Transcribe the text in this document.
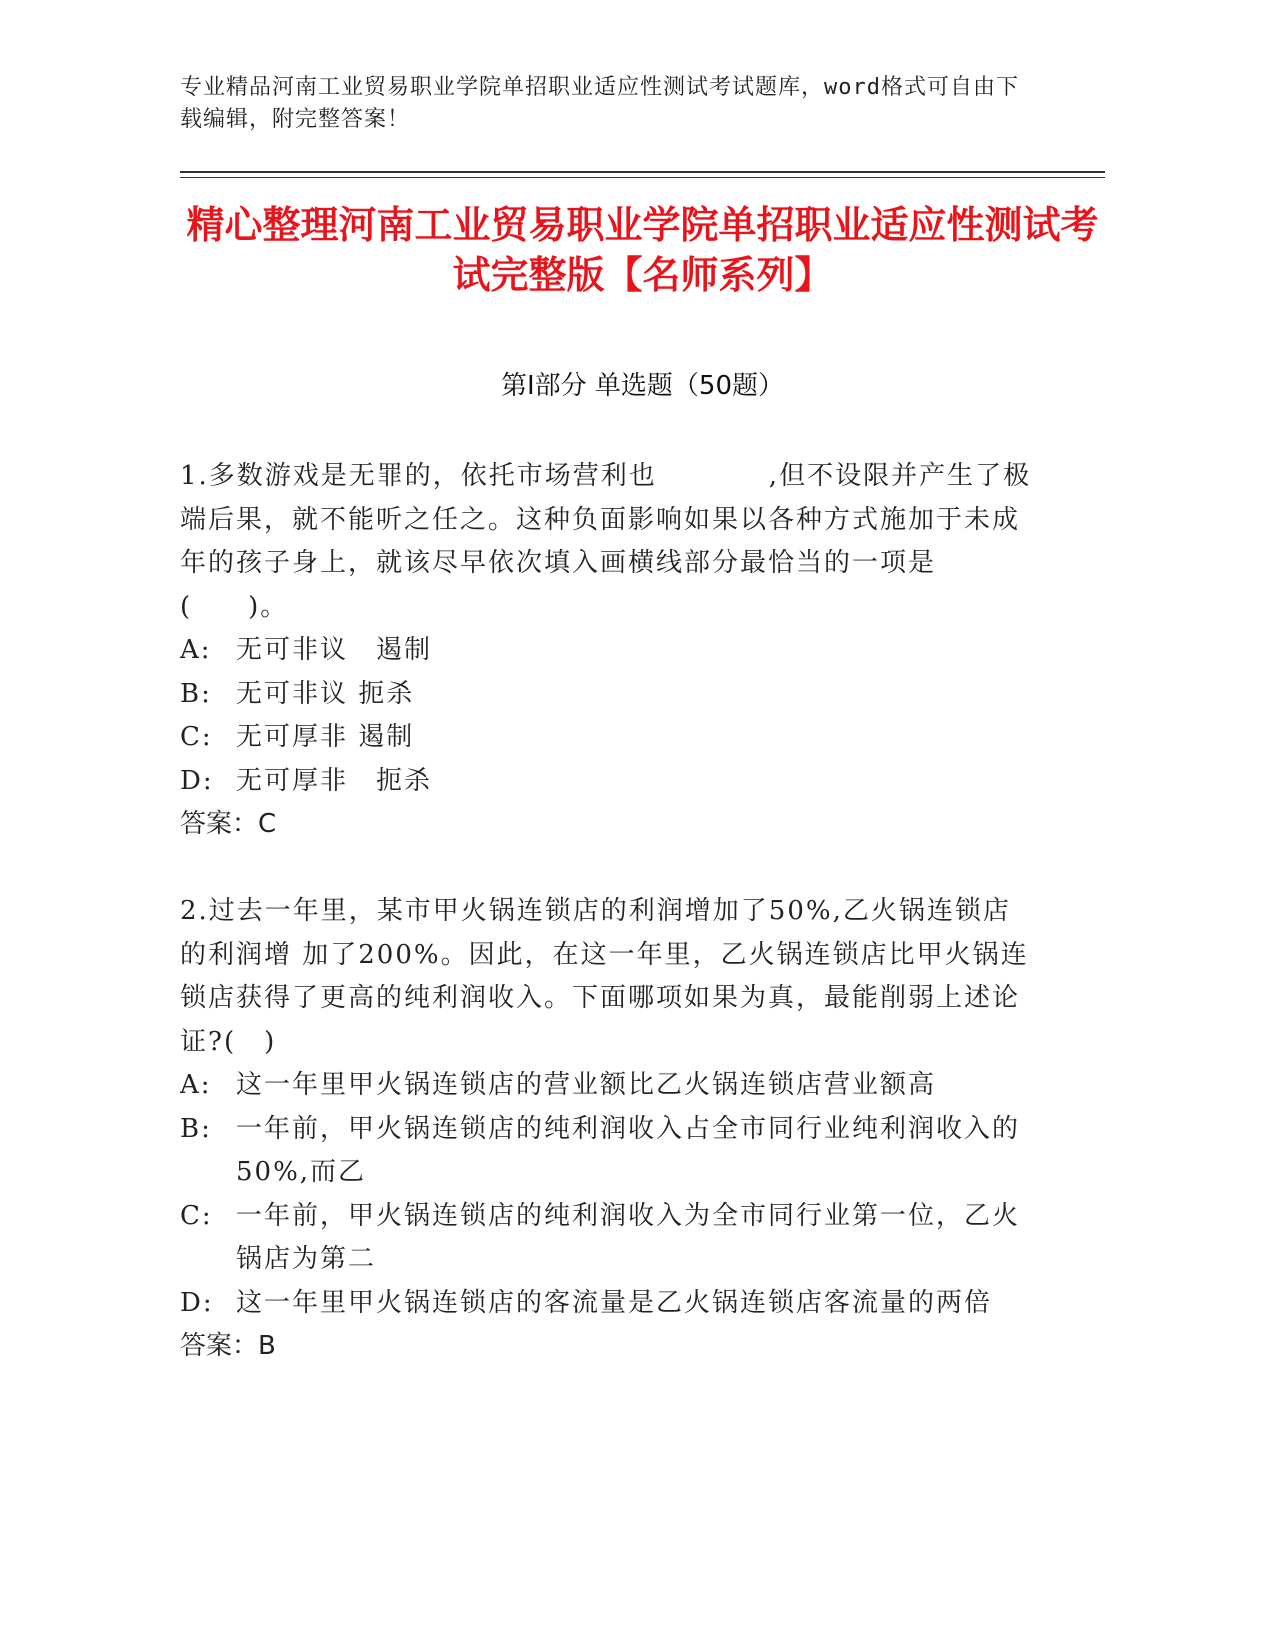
专业精品河南工业贸易职业学院单招职业适应性测试考试题库，word格式可自由下载编辑，附完整答案！
精心整理河南工业贸易职业学院单招职业适应性测试考试完整版【名师系列】
第Ⅰ部分 单选题（50题）
1.多数游戏是无罪的，依托市场营利也　　　　,但不设限并产生了极端后果，就不能听之任之。这种负面影响如果以各种方式施加于未成年的孩子身上，就该尽早依次填入画横线部分最恰当的一项是(　　)。
A: 无可非议　遏制
B: 无可非议 扼杀
C: 无可厚非 遏制
D: 无可厚非　扼杀
答案：C
2.过去一年里，某市甲火锅连锁店的利润增加了50%,乙火锅连锁店的利润增 加了200%。因此，在这一年里，乙火锅连锁店比甲火锅连锁店获得了更高的纯利润收入。下面哪项如果为真，最能削弱上述论证?(　)
A: 这一年里甲火锅连锁店的营业额比乙火锅连锁店营业额高
B: 一年前，甲火锅连锁店的纯利润收入占全市同行业纯利润收入的50%,而乙
C: 一年前，甲火锅连锁店的纯利润收入为全市同行业第一位，乙火锅店为第二
D: 这一年里甲火锅连锁店的客流量是乙火锅连锁店客流量的两倍
答案：B
